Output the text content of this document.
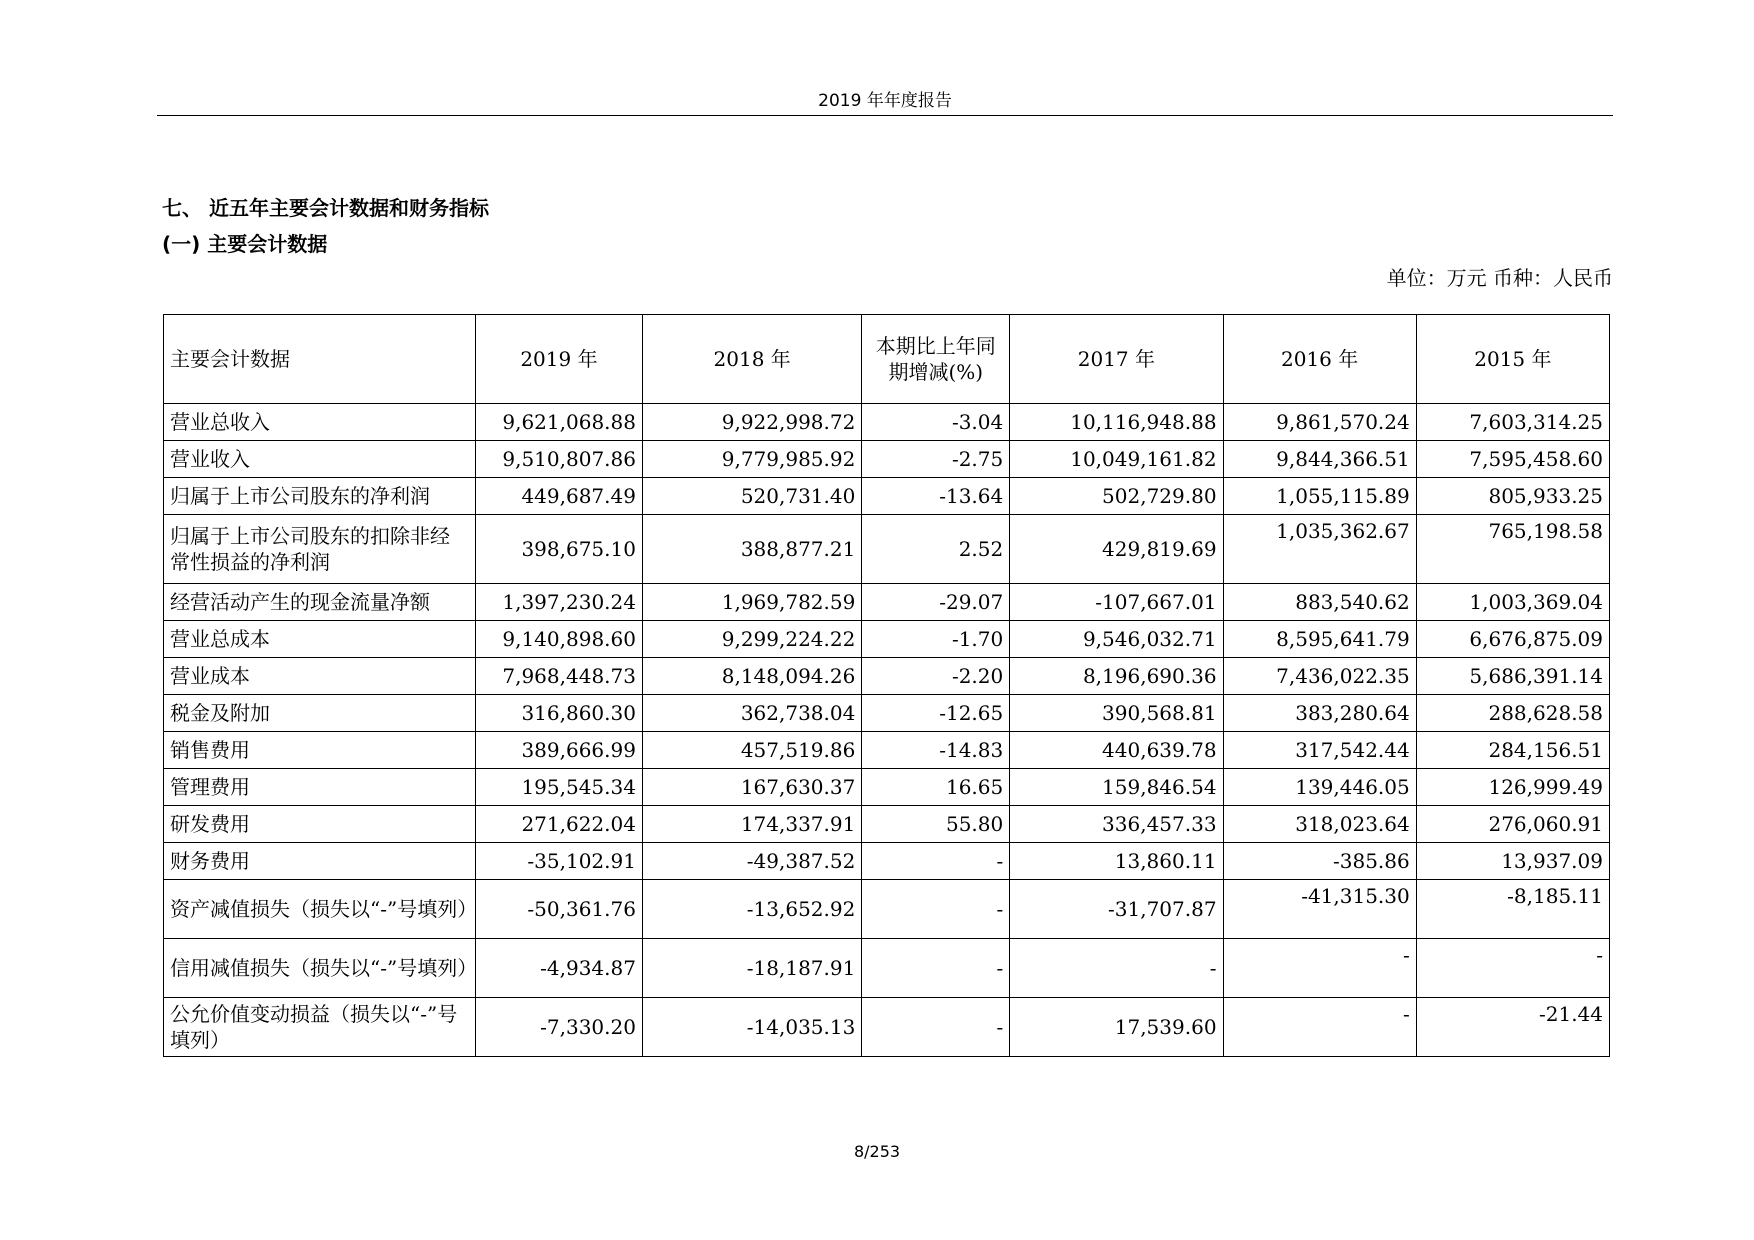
2019 年年度报告
七、 近五年主要会计数据和财务指标
(一) 主要会计数据
单位：万元 币种：人民币
主要会计数据	2019 年	2018 年	本期比上年同期增减(%)	2017 年	2016 年	2015 年
营业总收入	9,621,068.88	9,922,998.72	-3.04	10,116,948.88	9,861,570.24	7,603,314.25
营业收入	9,510,807.86	9,779,985.92	-2.75	10,049,161.82	9,844,366.51	7,595,458.60
归属于上市公司股东的净利润	449,687.49	520,731.40	-13.64	502,729.80	1,055,115.89	805,933.25
归属于上市公司股东的扣除非经常性损益的净利润	398,675.10	388,877.21	2.52	429,819.69	1,035,362.67	765,198.58
经营活动产生的现金流量净额	1,397,230.24	1,969,782.59	-29.07	-107,667.01	883,540.62	1,003,369.04
营业总成本	9,140,898.60	9,299,224.22	-1.70	9,546,032.71	8,595,641.79	6,676,875.09
营业成本	7,968,448.73	8,148,094.26	-2.20	8,196,690.36	7,436,022.35	5,686,391.14
税金及附加	316,860.30	362,738.04	-12.65	390,568.81	383,280.64	288,628.58
销售费用	389,666.99	457,519.86	-14.83	440,639.78	317,542.44	284,156.51
管理费用	195,545.34	167,630.37	16.65	159,846.54	139,446.05	126,999.49
研发费用	271,622.04	174,337.91	55.80	336,457.33	318,023.64	276,060.91
财务费用	-35,102.91	-49,387.52	-	13,860.11	-385.86	13,937.09
资产减值损失（损失以“-”号填列）	-50,361.76	-13,652.92	-	-31,707.87	-41,315.30	-8,185.11
信用减值损失（损失以“-”号填列）	-4,934.87	-18,187.91	-	-	-	-
公允价值变动损益（损失以“-”号填列）	-7,330.20	-14,035.13	-	17,539.60	-	-21.44
8/253
